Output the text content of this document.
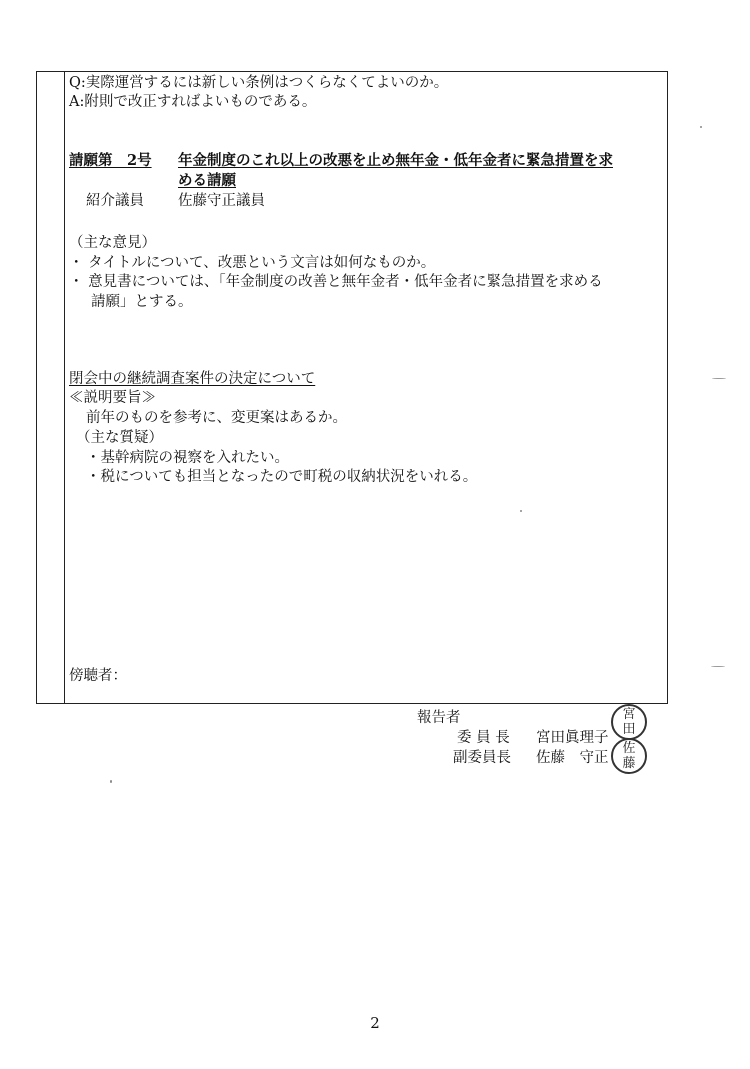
Q:実際運営するには新しい条例はつくらなくてよいのか。
A:附則で改正すればよいものである。
請願第　2号 年金制度のこれ以上の改悪を止め無年金・低年金者に緊急措置を求
める請願
紹介議員 佐藤守正議員
（主な意見）
・ タイトルについて、改悪という文言は如何なものか。
・ 意見書については、「年金制度の改善と無年金者・低年金者に緊急措置を求める
請願」とする。
閉会中の継続調査案件の決定について
≪説明要旨≫
前年のものを参考に、変更案はあるか。
（主な質疑）
・基幹病院の視察を入れたい。
・税についても担当となったので町税の収納状況をいれる。
傍聴者：
報告者
委 員 長 宮田眞理子
副委員長 佐藤　守正
宮
田
佐
藤
2
